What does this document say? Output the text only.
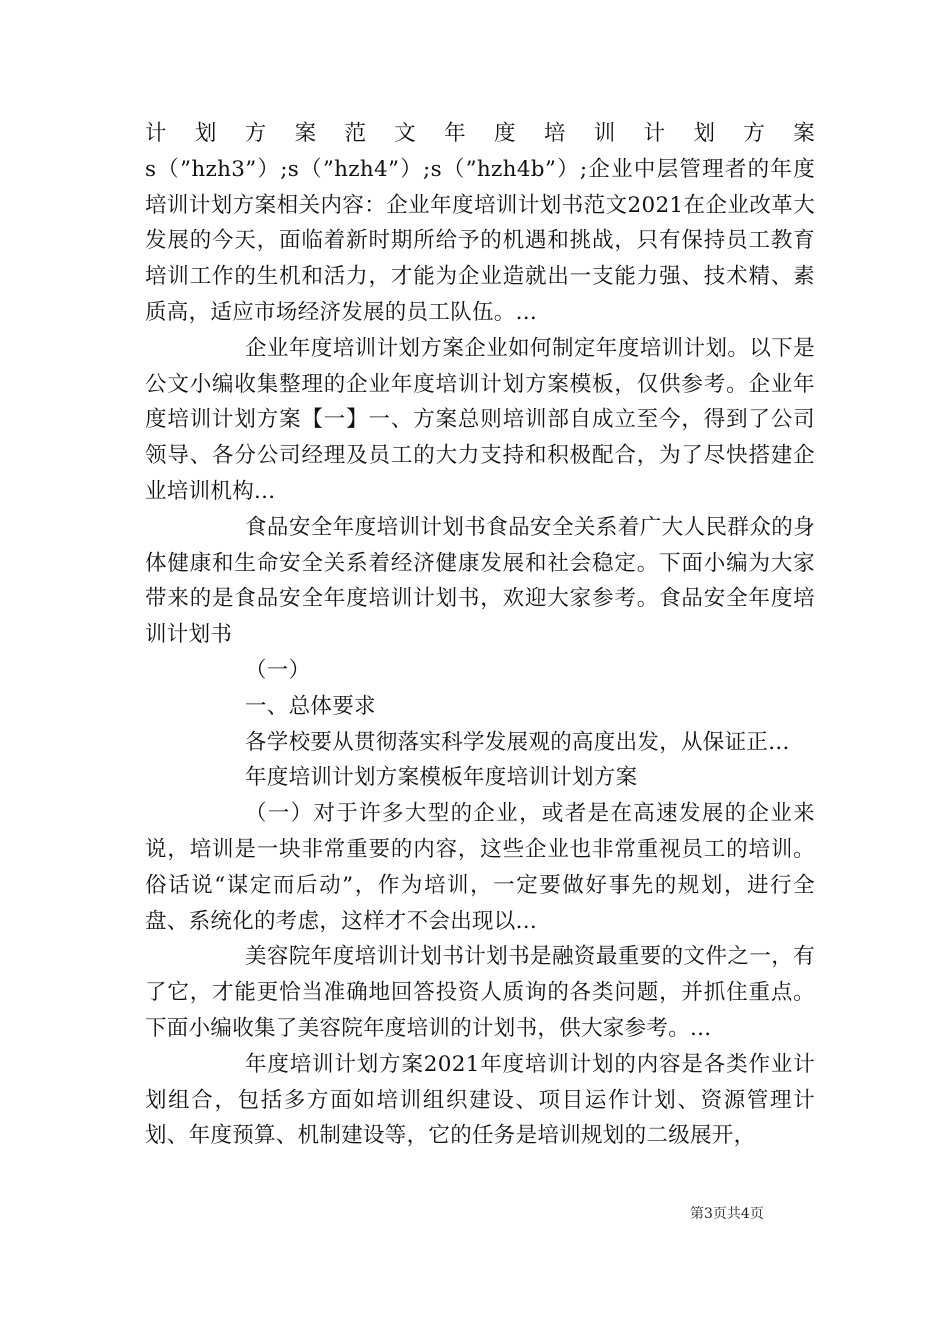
计 划 方 案 范 文 年 度 培 训 计 划 方 案

s（”hzh3”）;s（”hzh4”）;s（”hzh4b”）;企业中层管理者的年度培训计划方案相关内容：企业年度培训计划书范文2021在企业改革大发展的今天，面临着新时期所给予的机遇和挑战，只有保持员工教育培训工作的生机和活力，才能为企业造就出一支能力强、技术精、素质高，适应市场经济发展的员工队伍。...

企业年度培训计划方案企业如何制定年度培训计划。以下是公文小编收集整理的企业年度培训计划方案模板，仅供参考。企业年度培训计划方案【一】一、方案总则培训部自成立至今，得到了公司领导、各分公司经理及员工的大力支持和积极配合，为了尽快搭建企业培训机构...

食品安全年度培训计划书食品安全关系着广大人民群众的身体健康和生命安全关系着经济健康发展和社会稳定。下面小编为大家带来的是食品安全年度培训计划书，欢迎大家参考。食品安全年度培训计划书

（一）

一、总体要求

各学校要从贯彻落实科学发展观的高度出发，从保证正...

年度培训计划方案模板年度培训计划方案

（一）对于许多大型的企业，或者是在高速发展的企业来说，培训是一块非常重要的内容，这些企业也非常重视员工的培训。俗话说“谋定而后动”，作为培训，一定要做好事先的规划，进行全盘、系统化的考虑，这样才不会出现以...

美容院年度培训计划书计划书是融资最重要的文件之一，有了它，才能更恰当准确地回答投资人质询的各类问题，并抓住重点。下面小编收集了美容院年度培训的计划书，供大家参考。...

年度培训计划方案2021年度培训计划的内容是各类作业计划组合，包括多方面如培训组织建设、项目运作计划、资源管理计划、年度预算、机制建设等，它的任务是培训规划的二级展开，

第3页共4页
